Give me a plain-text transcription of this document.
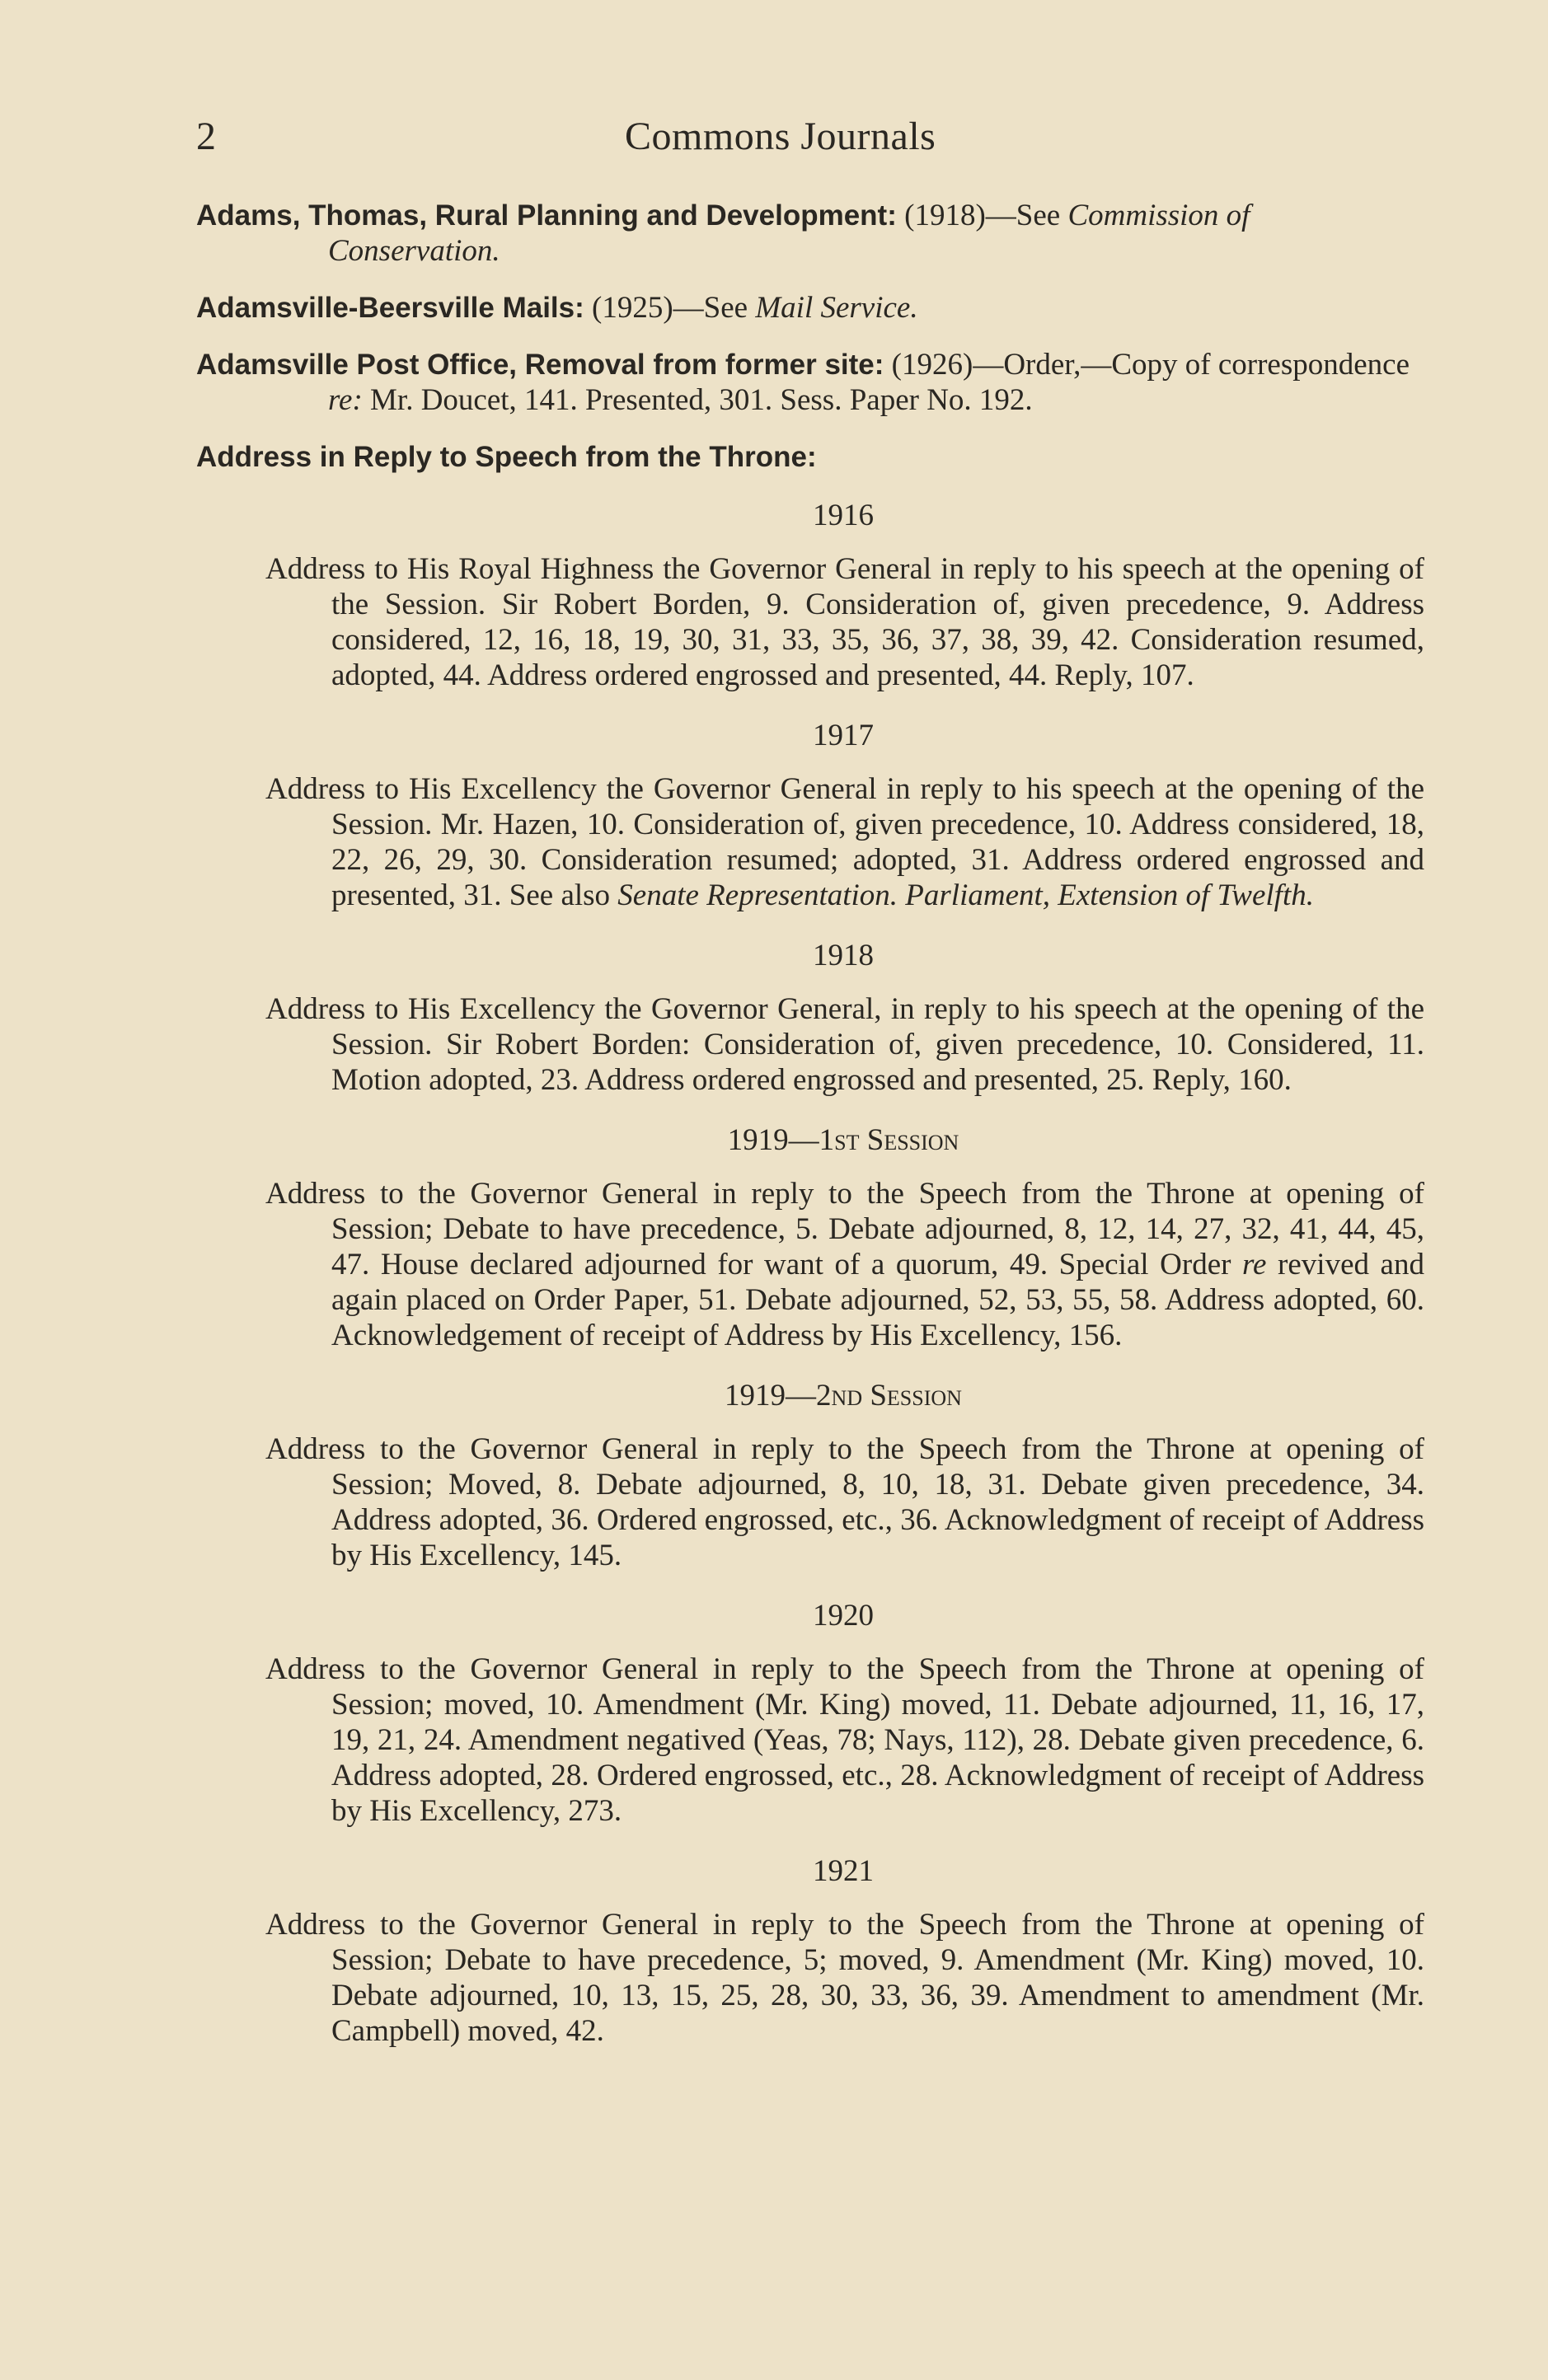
2	Commons Journals

Adams, Thomas, Rural Planning and Development: (1918)—See Commission of Conservation.

Adamsville-Beersville Mails: (1925)—See Mail Service.

Adamsville Post Office, Removal from former site: (1926)—Order,—Copy of correspondence re: Mr. Doucet, 141. Presented, 301. Sess. Paper No. 192.

Address in Reply to Speech from the Throne:

1916

Address to His Royal Highness the Governor General in reply to his speech at the opening of the Session. Sir Robert Borden, 9. Consideration of, given precedence, 9. Address considered, 12, 16, 18, 19, 30, 31, 33, 35, 36, 37, 38, 39, 42. Consideration resumed, adopted, 44. Address ordered engrossed and presented, 44. Reply, 107.

1917

Address to His Excellency the Governor General in reply to his speech at the opening of the Session. Mr. Hazen, 10. Consideration of, given precedence, 10. Address considered, 18, 22, 26, 29, 30. Consideration resumed; adopted, 31. Address ordered engrossed and presented, 31. See also Senate Representation. Parliament, Extension of Twelfth.

1918

Address to His Excellency the Governor General, in reply to his speech at the opening of the Session. Sir Robert Borden: Consideration of, given precedence, 10. Considered, 11. Motion adopted, 23. Address ordered engrossed and presented, 25. Reply, 160.

1919—1st Session

Address to the Governor General in reply to the Speech from the Throne at opening of Session; Debate to have precedence, 5. Debate adjourned, 8, 12, 14, 27, 32, 41, 44, 45, 47. House declared adjourned for want of a quorum, 49. Special Order re revived and again placed on Order Paper, 51. Debate adjourned, 52, 53, 55, 58. Address adopted, 60. Acknowledgement of receipt of Address by His Excellency, 156.

1919—2nd Session

Address to the Governor General in reply to the Speech from the Throne at opening of Session; Moved, 8. Debate adjourned, 8, 10, 18, 31. Debate given precedence, 34. Address adopted, 36. Ordered engrossed, etc., 36. Acknowledgment of receipt of Address by His Excellency, 145.

1920

Address to the Governor General in reply to the Speech from the Throne at opening of Session; moved, 10. Amendment (Mr. King) moved, 11. Debate adjourned, 11, 16, 17, 19, 21, 24. Amendment negatived (Yeas, 78; Nays, 112), 28. Debate given precedence, 6. Address adopted, 28. Ordered engrossed, etc., 28. Acknowledgment of receipt of Address by His Excellency, 273.

1921

Address to the Governor General in reply to the Speech from the Throne at opening of Session; Debate to have precedence, 5; moved, 9. Amendment (Mr. King) moved, 10. Debate adjourned, 10, 13, 15, 25, 28, 30, 33, 36, 39. Amendment to amendment (Mr. Campbell) moved, 42.
